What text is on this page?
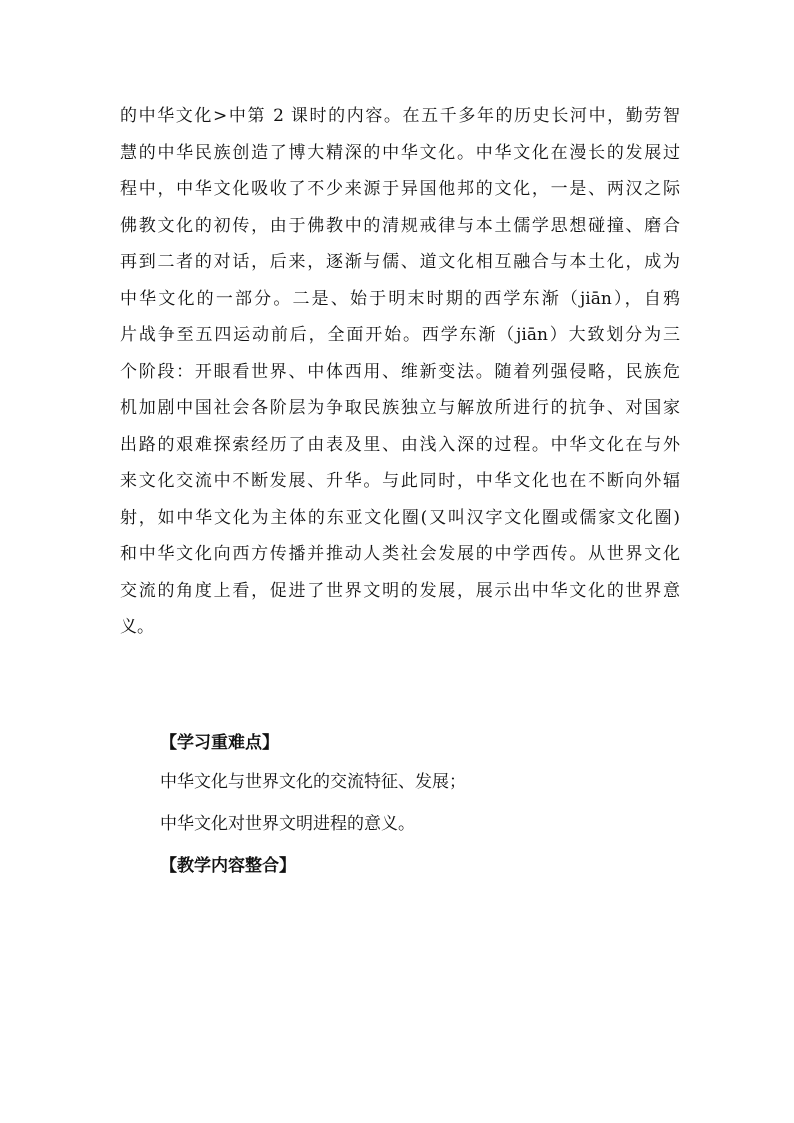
的中华文化>中第 2 课时的内容。在五千多年的历史长河中，勤劳智
慧的中华民族创造了博大精深的中华文化。中华文化在漫长的发展过
程中，中华文化吸收了不少来源于异国他邦的文化，一是、两汉之际
佛教文化的初传，由于佛教中的清规戒律与本土儒学思想碰撞、磨合
再到二者的对话，后来，逐渐与儒、道文化相互融合与本土化，成为
中华文化的一部分。二是、始于明末时期的西学东渐（jiān），自鸦
片战争至五四运动前后，全面开始。西学东渐（jiān）大致划分为三
个阶段：开眼看世界、中体西用、维新变法。随着列强侵略，民族危
机加剧中国社会各阶层为争取民族独立与解放所进行的抗争、对国家
出路的艰难探索经历了由表及里、由浅入深的过程。中华文化在与外
来文化交流中不断发展、升华。与此同时，中华文化也在不断向外辐
射，如中华文化为主体的东亚文化圈(又叫汉字文化圈或儒家文化圈)
和中华文化向西方传播并推动人类社会发展的中学西传。从世界文化
交流的角度上看，促进了世界文明的发展，展示出中华文化的世界意
义。
【学习重难点】
中华文化与世界文化的交流特征、发展；
中华文化对世界文明进程的意义。
【教学内容整合】
